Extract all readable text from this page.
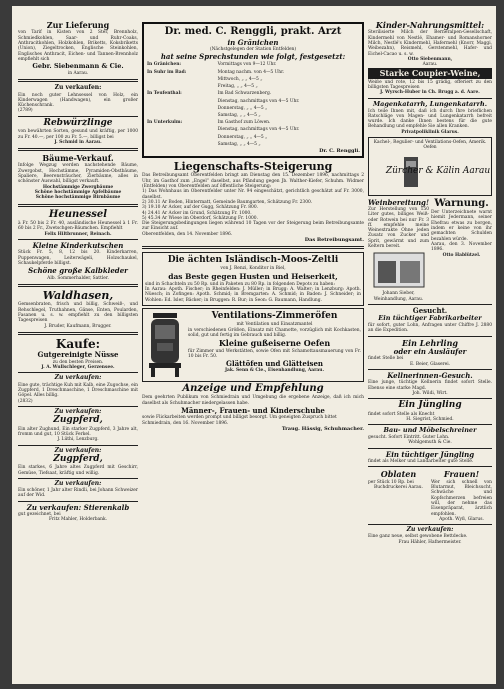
Zur Lieferung

von Tarif in Kisten von 2 Ster, Brennholz, Schmiedkohlen, Saar- und Ruhr-Coaks, Anthracitkohlen, Holzkohlen, Briketts, Koksbriketts (Union), Ziegeltrocken, Englische Steinkohlen, Englisches Anthracit, Eichen- und Tannen-Brennholz empfiehlt sich

Gebr. Siebenmann & Cie.

in Aarau.

Zu verkaufen:

Ein noch guter Lehnsessel von Holz, ein Kinderwagen (Handwagen), ein großer Küchenschrank.

(2789)

Rebwürzlinge

von bewährten Sorten, gesund und kräftig, per 1000 zu Fr. 40.—, per 100 zu Fr. 5.—, billigst bei

J. Schmid in Aarau.

Bäume-Verkauf.

Infolge Wegzug werden nachstehende Bäume, Zwergobst, Hochstämme, Pyramiden-Obstbäume, Spaliere, Beerensträucher, Zierbäume, alles in schönster Auswahl, billigst verkauft.

Hochstämmige Zwergbäume

Schöne hochstämmige Apfelbäume

Schöne hochstämmige Birnbäume

Heunessel

à Fr. 50 bis 2 Fr. 40, ausländische Heunessel à 1 Fr. 60 bis 2 Fr., Zwetschgen-Bäumchen. Empfiehlt

Felix Hiltbrunner, Reinach.

Kleine Kinderkutschen

Stück Fr. 5, 8, 12 bis 20. Kinderkarren, Puppenwagen, Leiterwägeli, Holzschaukel, Schaukelpferde billigst.

Schöne große Kalbkleder

Alb. Sommerhalder, Sattler.

Waldhasen,

Gemsenbraten, frisch und billig, Schweiß-, und Rehschlegel, Truthahnen, Gänse, Enten, Poularden, Fasanen u. s. w. empfiehlt zu den billigsten Tagespreisen

J. Bruder, Kaufmann, Brugger.

Kaufe:
Gutgereinigte Nüsse

zu den besten Preisen.

J. A. Wullschleger, Gerzensee.

Zu verkaufen:

Eine gute, trächtige Kuh mit Kalb, eine Zugochse, ein Zugpferd, 1 Dreschmaschine, 1 Dreschmaschine mit Göpel. Alles billig.

(2832)

Zu verkaufen:
Zugpferd,

Ein alter Zughund, Ein starker Zugpferd, 3 Jahre alt, fromm und gut, 10 Stück Ferkel.

J. Lüthi, Lenzburg.

Zu verkaufen:
Zugpferd,

Ein starkes, 6 Jahre altes Zugpferd mit Geschirr, Gemüse, Tiefsaat, kräftig und willig.

Zu verkaufen:

Ein schöner, 1 Jahr alter Rindli, bei Johann Schweizer auf der Wid.

Zu verkaufen: Stierenkalb

gut gezeichnet, bei

Fritz Mahler, Holderbank.

Dr. med. C. Renggli, prakt. Arzt
in Gränichen

(Nächstgelegen der Station Entfelden)

hat seine Sprechstunden wie folgt, festgesetzt:
In Gränichen:	Vormittags von 9—12 Uhr.
In Suhr im Bad:	Montag nachm. von 4—5 Uhr.
	Mittwoch, „ „ 4—5 „
	Freitag, „ „ 4—5 „
In Teufenthal:	Im Bad Schwarzenberg.
	Dienstag, nachmittags von 4—5 Uhr.
	Donnerstag, „ „ 4—5 „
	Samstag, „ „ 4—5 „
In Unterkulm:	Im Gasthof zum Löwen.
	Dienstag, nachmittags von 4—5 Uhr.
	Donnerstag, „ „ 4—5 „
	Samstag, „ „ 4—5 „
Dr. C. Renggli.
Liegenschafts-Steigerung

Das Betreibungsamt Oberentfelden bringt am Dienstag den 15. Dezember 1896, nachmittags 2 Uhr, im Gasthof zum „Engel“ daselbst, aus Pfändung gegen Jb. Walther-Kiefer, Schuhm. Widmer (Entfelden) von Oberentfelden auf öffentliche Steigerung:

1) Das Wohnhaus im Oberentfelder unter Nr. 94 eingeschätzt, gerichtlich geschätzt auf Fr. 3000, daselbst.

2) 30.11 Ar Boden, Hintermatt, Gemeinde Baumgarten, Schätzung Fr. 2300.

3) 19.10 Ar Acker, auf der Gugg, Schätzung Fr. 800.

4) 24.41 Ar Acker im Grund, Schätzung Fr. 1000.

5) 45.34 Ar Wiese im Oberdorf, Schätzung Fr. 1000.

Die Steigerungsbedingungen liegen während 10 Tagen vor der Steigerung beim Betreibungsamte zur Einsicht auf.

Oberentfelden, den 14. November 1896.

Das Betreibungsamt.
Die ächten Isländisch-Moos-Zeltli

von J. Renzi, Konditor in Biel,

das Beste gegen Husten und Heiserkeit,

sind in Schachteln zu 50 Rp. und in Paketen zu 80 Rp. in folgenden Depots zu haben:

In Aarau: Apoth. Fischer; in Rheinfelden: J. Müller; in Brugg: A. Walter; in Lenzburg: Apoth. Nüesch; in Zofingen: Apoth. Schmid; in Bremgarten: A. Schmid; in Baden: J. Schneider; in Wohlen: Ed. Isler, Bäcker; in Bruggen: R. Bur; in Seon: G. Baumann, Handlung.

Ventilations-Zimmeröfen

mit Ventilation und Einsatzmantel

in verschiedenen Größen, Einsatz mit Chamotte, vorzüglich mit Kochkasten, solid, gut und fertig im Gebrauch und billig.

Kleine gußeiserne Oefen

für Zimmer und Werkstätten, sowie Ofen mit Schamottausmauerung von Fr. 10 bis Fr. 50.

Glättöfen und Glätteisen

Jak. Senn & Cie., Eisenhandlung, Aarau.

Anzeige und Empfehlung

Dem geehrten Publikum von Schmiedrain und Umgebung die ergebene Anzeige, daß ich mich daselbst als Schuhmacher niedergelassen habe.

Männer-, Frauen- und Kinderschuhe

sowie Flickarbeiten werden prompt und billigst besorgt. Um geneigten Zuspruch bittet

Schmiedrain, den 16. November 1896.

Traug. Hässig, Schuhmacher.
Kinder-Nahrungsmittel:

Sterilisierte Milch der Berneralpen-Gesellschaft, Kindermehl von Nestlé, Ehamer- und Romanshorner Milch, Nestlé's Kindermehl, Hafermehl (Knorr, Maggi, Weibezahn), Reismehl, Gerstenmehl, Hafer- und Eichel-Cacao u. s. w.

Otto Siebenmann,

Aarau.

Starke Coupier-Weine,

Weiße und rote, 12 bis 15 grädig, offeriert zu den billigsten Tagespreisen

J. Wyrsch-Huber in Ch. Brugg a. d. Aare.

Magenkatarrh, Lungenkatarrh.

Ich teile Ihnen mit, daß ich durch Ihre brieflichen Ratschläge von Magen- und Lungenkatarrh befreit wurde. Ich danke Ihnen bestens für die gute Behandlung und empfehle Sie allen Kranken.

Privatpoliklinik Glarus.

Kachel-, Regulier- und Ventilations-Oefen, Amerik. Oefen

Zürcher & Kälin Aarau
Weinbereitung!

Zur Herstellung von 150 Liter gutes, billiges Weiß- oder Rotwein bei nur Fr. 3 ff. empfehle meine Weinextrakte Ohne jeden Zusatz von Zucker und Sprit, gewärmt und zum Keltern bereit.

Johann Sieber, Weinhandlung, Aarau.

Warnung.

Der Unterzeichnete warnt hiemit Jedermann, seiner Ehefrau etwas zu borgen, indem er keine von ihr gemachten Schulden bezahlen würde.

Aarau, den 3. November 1896.

Otto Hablützel.

Gesucht.
Ein tüchtiger Fabrikarbeiter

für sofort, guter Lohn, Anfragen unter Chiffre J. 2880 an die Expedition.

Ein Lehrling
oder ein Ausläufer

findet Stelle bei

E. Beier, Glaserei.

Kellnerinnen-Gesuch.

Eine junge, tüchtige Kellnerin findet sofort Stelle. Ebenso eine starke Magd.

Joh. Wildi, Wirt.

Ein Jüngling

findet sofort Stelle als Knecht

H. Siegrist, Schmied.

Bau- und Möbelschreiner

gesucht. Sofort Eintritt. Guter Lohn.

Wohlgemuth & Cie.

Ein tüchtiger Jüngling

findet als Melker und Landarbeiter gute Stelle.

Oblaten

per Stück 10 Rp. bei

Buchdruckerei Aarau.

Frauen!

Wer sich schnell von Blutarmut, Bleichsucht, Schwäche und Kopfschmerzen befreien will, der nehme das Eisenpräparat, ärztlich empfohlen.

Apoth. Wyß, Glarus.

Zu verkaufen:

Eine ganz neue, selbst gewobene Bettdecke.

Frau Hähler, Hafnermeister.
